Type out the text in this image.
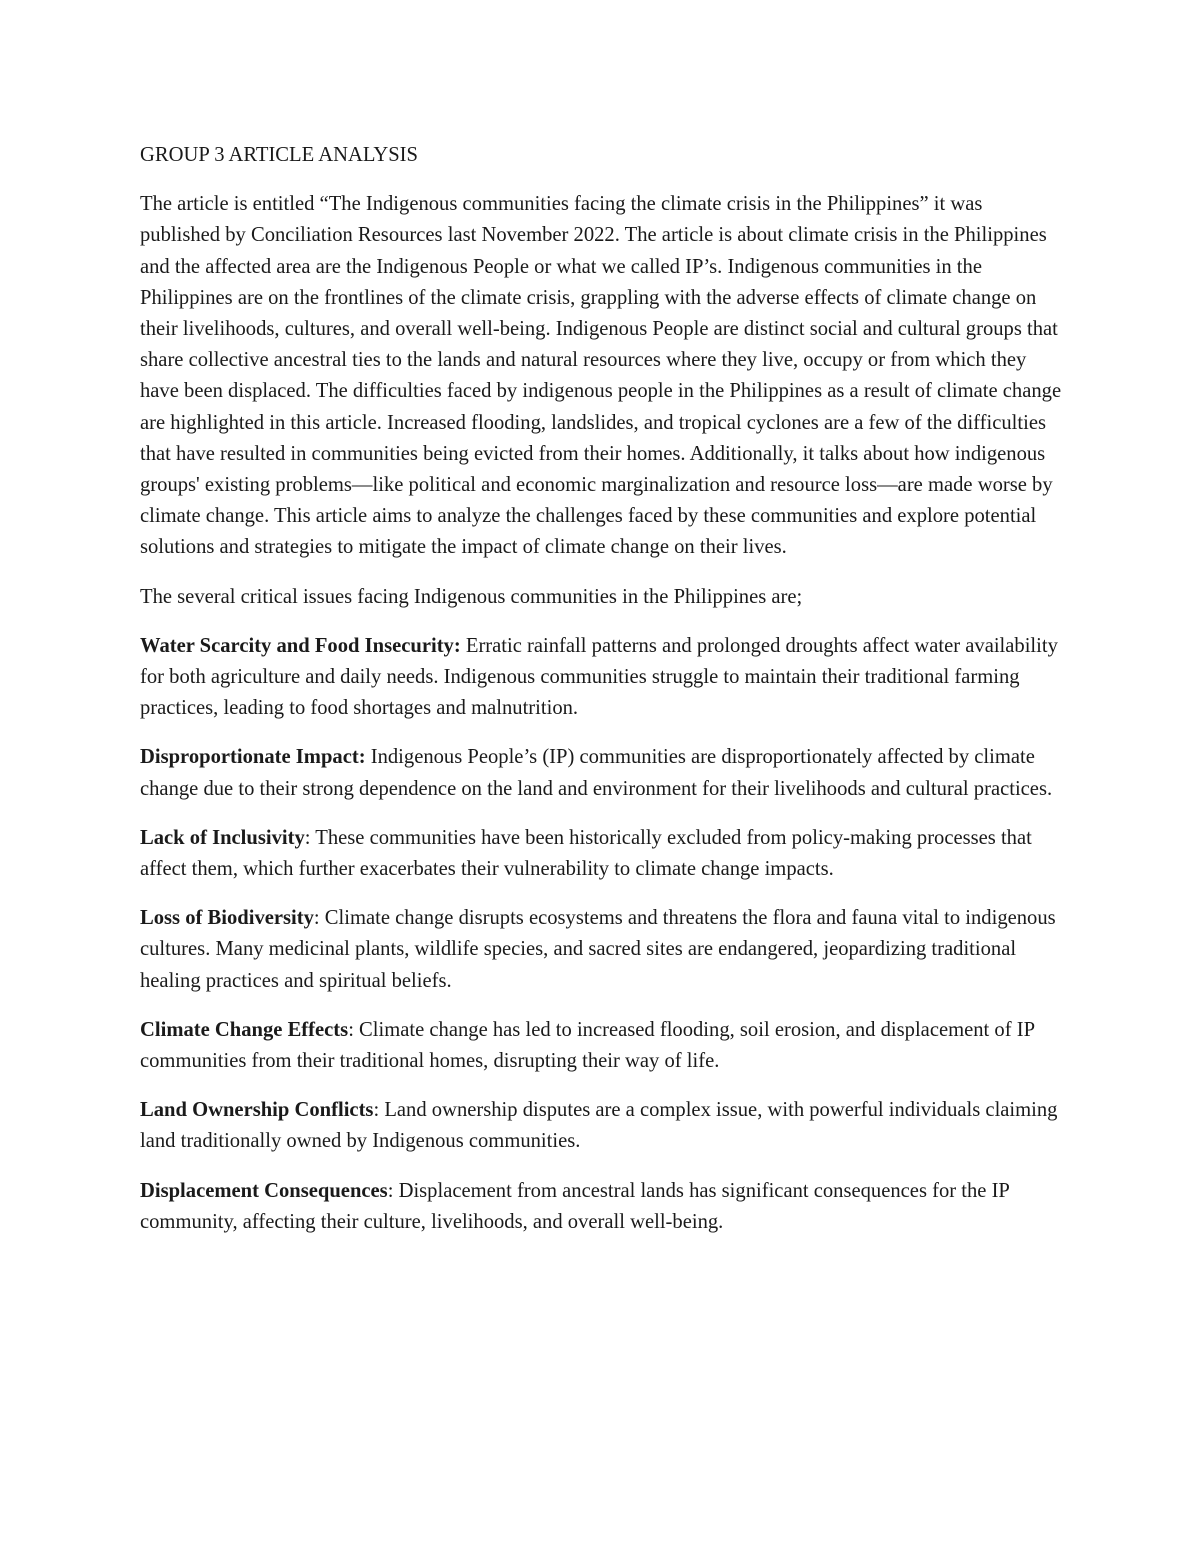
GROUP 3 ARTICLE ANALYSIS

The article is entitled “The Indigenous communities facing the climate crisis in the Philippines” it was published by Conciliation Resources last November 2022. The article is about climate crisis in the Philippines and the affected area are the Indigenous People or what we called IP’s. Indigenous communities in the Philippines are on the frontlines of the climate crisis, grappling with the adverse effects of climate change on their livelihoods, cultures, and overall well-being. Indigenous People are distinct social and cultural groups that share collective ancestral ties to the lands and natural resources where they live, occupy or from which they have been displaced. The difficulties faced by indigenous people in the Philippines as a result of climate change are highlighted in this article. Increased flooding, landslides, and tropical cyclones are a few of the difficulties that have resulted in communities being evicted from their homes. Additionally, it talks about how indigenous groups' existing problems—like political and economic marginalization and resource loss—are made worse by climate change. This article aims to analyze the challenges faced by these communities and explore potential solutions and strategies to mitigate the impact of climate change on their lives.

The several critical issues facing Indigenous communities in the Philippines are;

Water Scarcity and Food Insecurity: Erratic rainfall patterns and prolonged droughts affect water availability for both agriculture and daily needs. Indigenous communities struggle to maintain their traditional farming practices, leading to food shortages and malnutrition.

Disproportionate Impact: Indigenous People’s (IP) communities are disproportionately affected by climate change due to their strong dependence on the land and environment for their livelihoods and cultural practices.

Lack of Inclusivity: These communities have been historically excluded from policy-making processes that affect them, which further exacerbates their vulnerability to climate change impacts.

Loss of Biodiversity: Climate change disrupts ecosystems and threatens the flora and fauna vital to indigenous cultures. Many medicinal plants, wildlife species, and sacred sites are endangered, jeopardizing traditional healing practices and spiritual beliefs.

Climate Change Effects: Climate change has led to increased flooding, soil erosion, and displacement of IP communities from their traditional homes, disrupting their way of life.

Land Ownership Conflicts: Land ownership disputes are a complex issue, with powerful individuals claiming land traditionally owned by Indigenous communities.

Displacement Consequences: Displacement from ancestral lands has significant consequences for the IP community, affecting their culture, livelihoods, and overall well-being.
